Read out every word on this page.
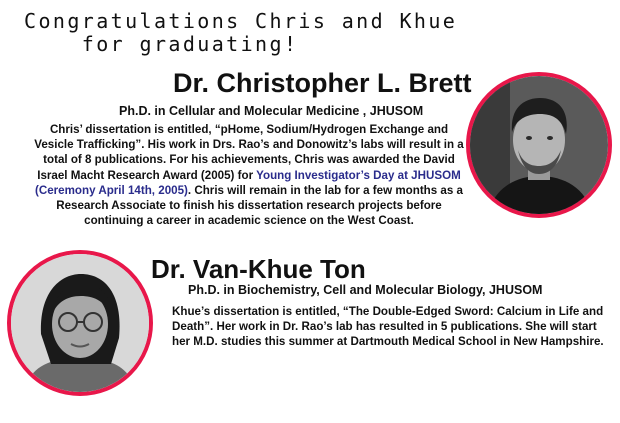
Congratulations Chris and Khue
for graduating!
Dr. Christopher L. Brett
Ph.D. in Cellular and Molecular Medicine , JHUSOM
Chris’ dissertation is entitled, “pHome, Sodium/Hydrogen Exchange and Vesicle Trafficking”. His work in Drs. Rao’s and Donowitz’s labs will result in a total of 8 publications. For his achievements, Chris was awarded the David Israel Macht Research Award (2005) for Young Investigator’s Day at JHUSOM (Ceremony April 14th, 2005). Chris will remain in the lab for a few months as a Research Associate to finish his dissertation research projects before continuing a career in academic science on the West Coast.
Dr. Van-Khue Ton
Ph.D. in Biochemistry, Cell and Molecular Biology, JHUSOM
Khue’s dissertation is entitled, “The Double-Edged Sword: Calcium in Life and Death”. Her work in Dr. Rao’s lab has resulted in 5 publications. She will start her M.D. studies this summer at Dartmouth Medical School in New Hampshire.
